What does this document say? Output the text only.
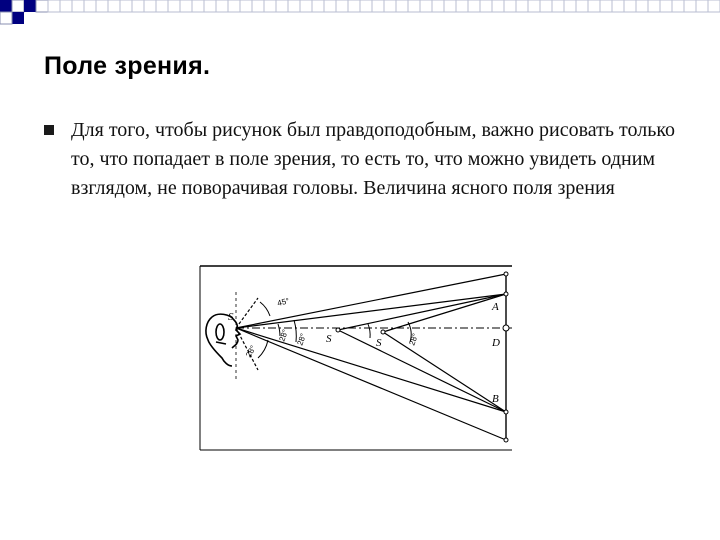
Поле зрения.
Для того, чтобы рисунок был правдоподобным, важно рисовать только то, что попадает в поле зрения, то есть то, что можно увидеть одним взглядом, не поворачивая головы. Величина ясного поля зрения
S
S	S
A
B
D
45°
28°
28° 28°	28°
